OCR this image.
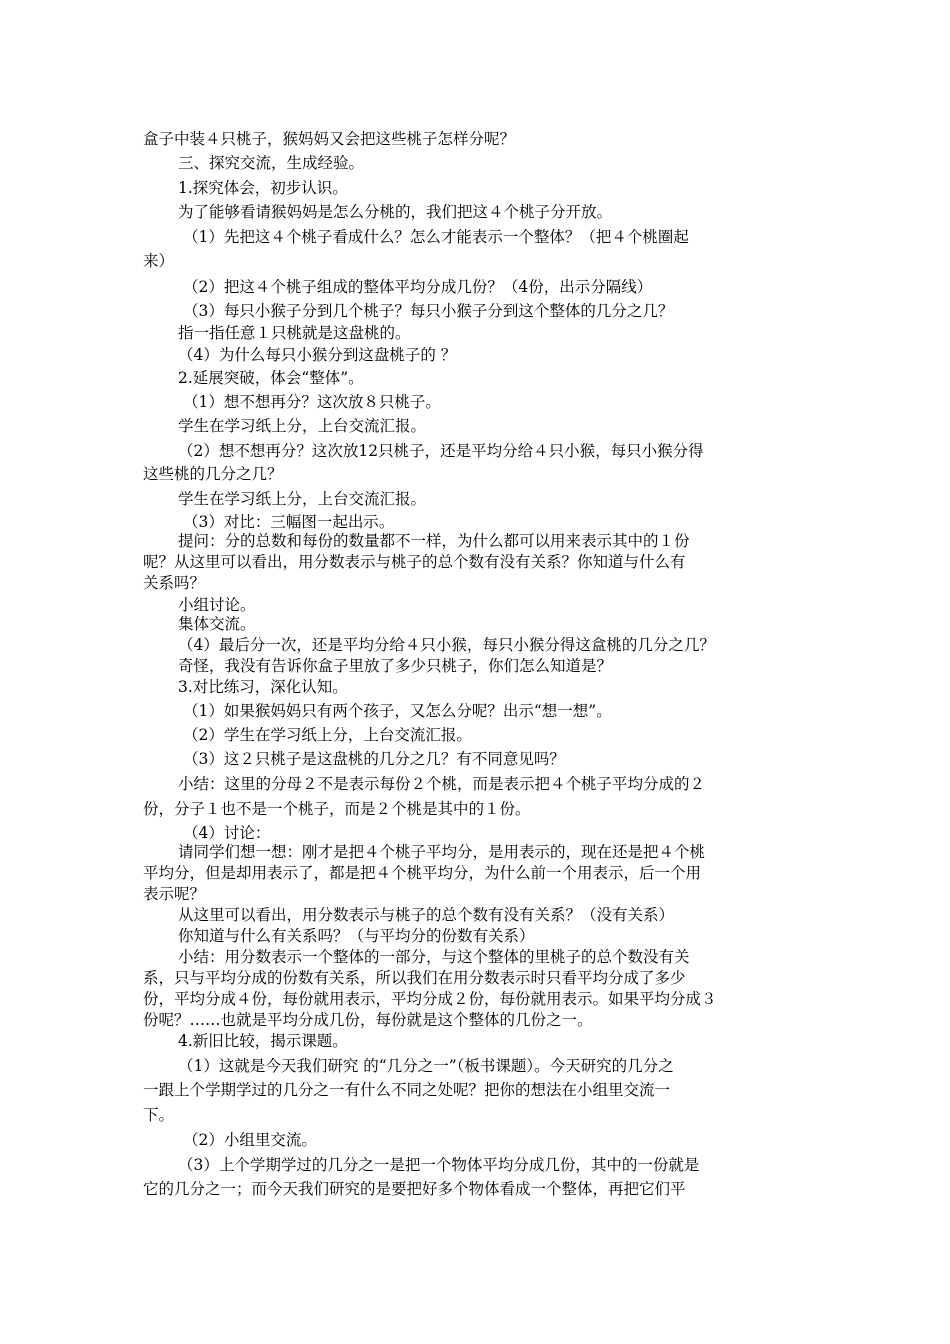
盒子中装４只桃子，猴妈妈又会把这些桃子怎样分呢？
三、探究交流，生成经验。
1.探究体会，初步认识。
为了能够看请猴妈妈是怎么分桃的，我们把这４个桃子分开放。
（1）先把这４个桃子看成什么？怎么才能表示一个整体？（把４个桃圈起
来）
（2）把这４个桃子组成的整体平均分成几份？（4份，出示分隔线）
（3）每只小猴子分到几个桃子？每只小猴子分到这个整体的几分之几？
指一指任意１只桃就是这盘桃的。
（4）为什么每只小猴分到这盘桃子的 ？
2.延展突破，体会“整体”。
（1）想不想再分？这次放８只桃子。
学生在学习纸上分，上台交流汇报。
（2）想不想再分？这次放12只桃子，还是平均分给４只小猴，每只小猴分得
这些桃的几分之几？
学生在学习纸上分，上台交流汇报。
（3）对比：三幅图一起出示。
提问：分的总数和每份的数量都不一样，为什么都可以用来表示其中的１份
呢？从这里可以看出，用分数表示与桃子的总个数有没有关系？你知道与什么有
关系吗？
小组讨论。
集体交流。
（4）最后分一次，还是平均分给４只小猴，每只小猴分得这盒桃的几分之几？
奇怪，我没有告诉你盒子里放了多少只桃子，你们怎么知道是？
3.对比练习，深化认知。
（1）如果猴妈妈只有两个孩子，又怎么分呢？出示“想一想”。
（2）学生在学习纸上分，上台交流汇报。
（3）这２只桃子是这盘桃的几分之几？有不同意见吗？
小结：这里的分母２不是表示每份２个桃，而是表示把４个桃子平均分成的２
份，分子１也不是一个桃子，而是２个桃是其中的１份。
（4）讨论：
请同学们想一想：刚才是把４个桃子平均分，是用表示的，现在还是把４个桃
平均分，但是却用表示了，都是把４个桃平均分，为什么前一个用表示，后一个用
表示呢？
从这里可以看出，用分数表示与桃子的总个数有没有关系？（没有关系）
你知道与什么有关系吗？（与平均分的份数有关系）
小结：用分数表示一个整体的一部分，与这个整体的里桃子的总个数没有关
系，只与平均分成的份数有关系，所以我们在用分数表示时只看平均分成了多少
份，平均分成４份，每份就用表示，平均分成２份，每份就用表示。如果平均分成３
份呢？……也就是平均分成几份，每份就是这个整体的几份之一。
4.新旧比较，揭示课题。
（1）这就是今天我们研究 的“几分之一”（板书课题）。今天研究的几分之
一跟上个学期学过的几分之一有什么不同之处呢？把你的想法在小组里交流一
下。
（2）小组里交流。
（3）上个学期学过的几分之一是把一个物体平均分成几份，其中的一份就是
它的几分之一；而今天我们研究的是要把好多个物体看成一个整体，再把它们平
